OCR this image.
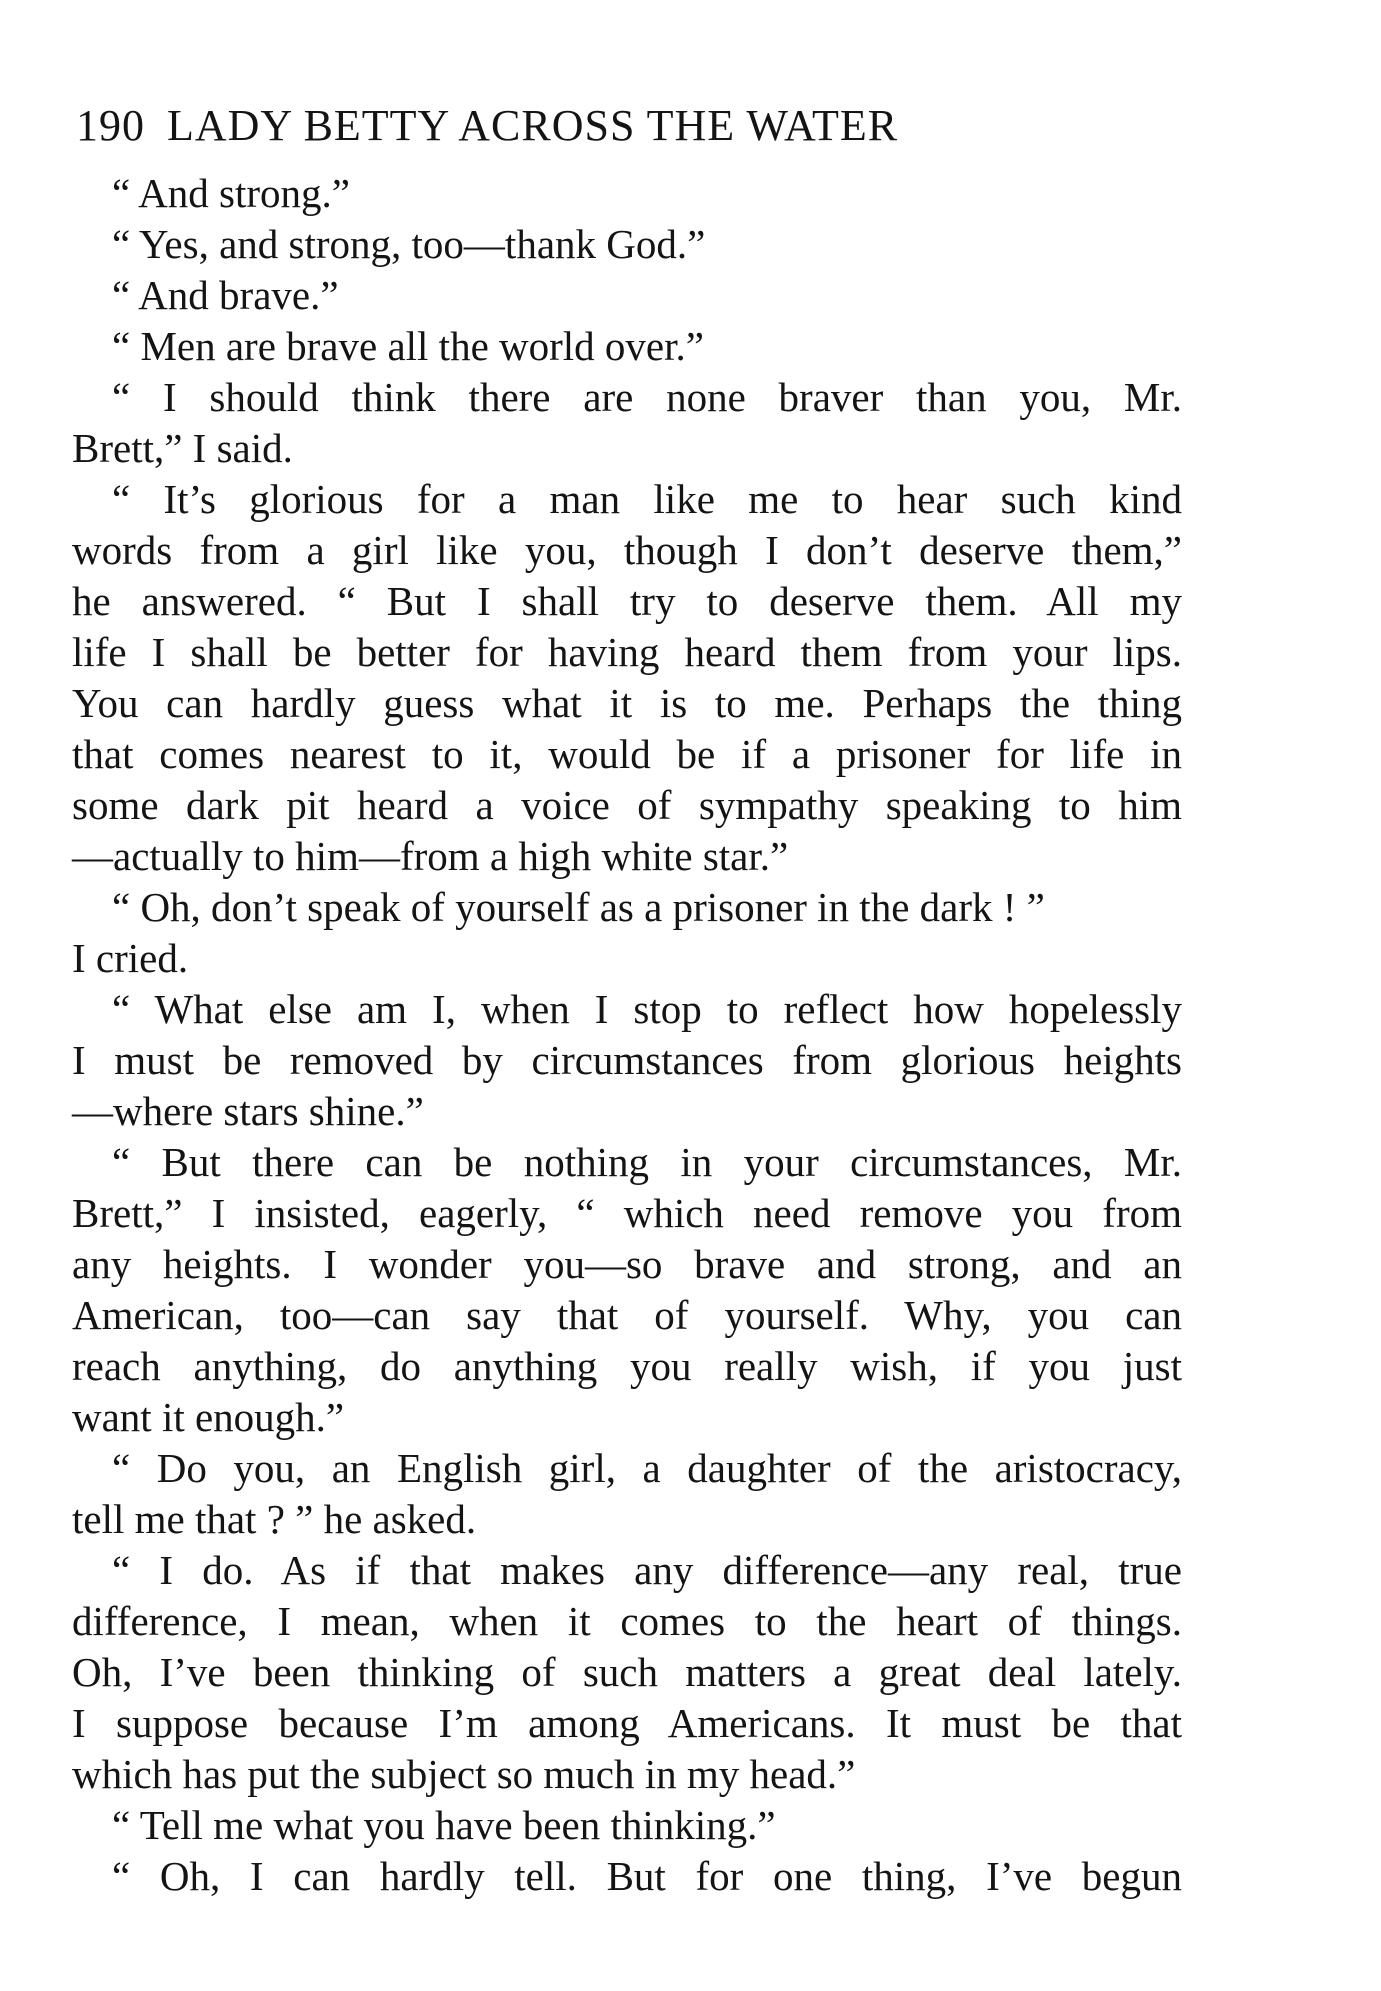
190 LADY BETTY ACROSS THE WATER
“ And strong.”
“ Yes, and strong, too—thank God.”
“ And brave.”
“ Men are brave all the world over.”
“ I should think there are none braver than you, Mr.
Brett,” I said.
“ It’s glorious for a man like me to hear such kind
words from a girl like you, though I don’t deserve them,”
he answered. “ But I shall try to deserve them. All my
life I shall be better for having heard them from your lips.
You can hardly guess what it is to me. Perhaps the thing
that comes nearest to it, would be if a prisoner for life in
some dark pit heard a voice of sympathy speaking to him
—actually to him—from a high white star.”
“ Oh, don’t speak of yourself as a prisoner in the dark ! ”
I cried.
“ What else am I, when I stop to reflect how hopelessly
I must be removed by circumstances from glorious heights
—where stars shine.”
“ But there can be nothing in your circumstances, Mr.
Brett,” I insisted, eagerly, “ which need remove you from
any heights. I wonder you—so brave and strong, and an
American, too—can say that of yourself. Why, you can
reach anything, do anything you really wish, if you just
want it enough.”
“ Do you, an English girl, a daughter of the aristocracy,
tell me that ? ” he asked.
“ I do. As if that makes any difference—any real, true
difference, I mean, when it comes to the heart of things.
Oh, I’ve been thinking of such matters a great deal lately.
I suppose because I’m among Americans. It must be that
which has put the subject so much in my head.”
“ Tell me what you have been thinking.”
“ Oh, I can hardly tell. But for one thing, I’ve begun
